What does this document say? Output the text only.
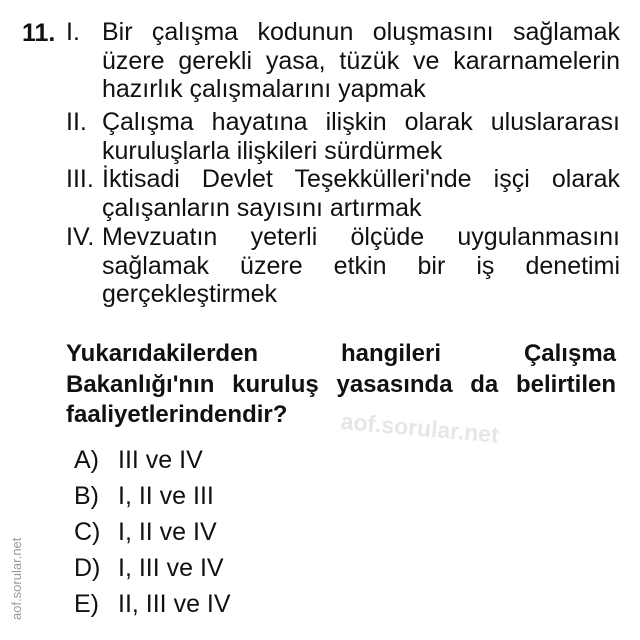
11. I. Bir çalışma kodunun oluşmasını sağlamak
üzere gerekli yasa, tüzük ve kararnamelerin
hazırlık çalışmalarını yapmak
II. Çalışma hayatına ilişkin olarak uluslararası
kuruluşlarla ilişkileri sürdürmek
III. İktisadi Devlet Teşekkülleri'nde işçi olarak
çalışanların sayısını artırmak
IV. Mevzuatın yeterli ölçüde uygulanmasını
sağlamak üzere etkin bir iş denetimi
gerçekleştirmek
Yukarıdakilerden hangileri Çalışma
Bakanlığı'nın kuruluş yasasında da belirtilen
faaliyetlerindendir?
A) III ve IV
B) I, II ve III
C) I, II ve IV
D) I, III ve IV
E) II, III ve IV
aof.sorular.net
aof.sorular.net
